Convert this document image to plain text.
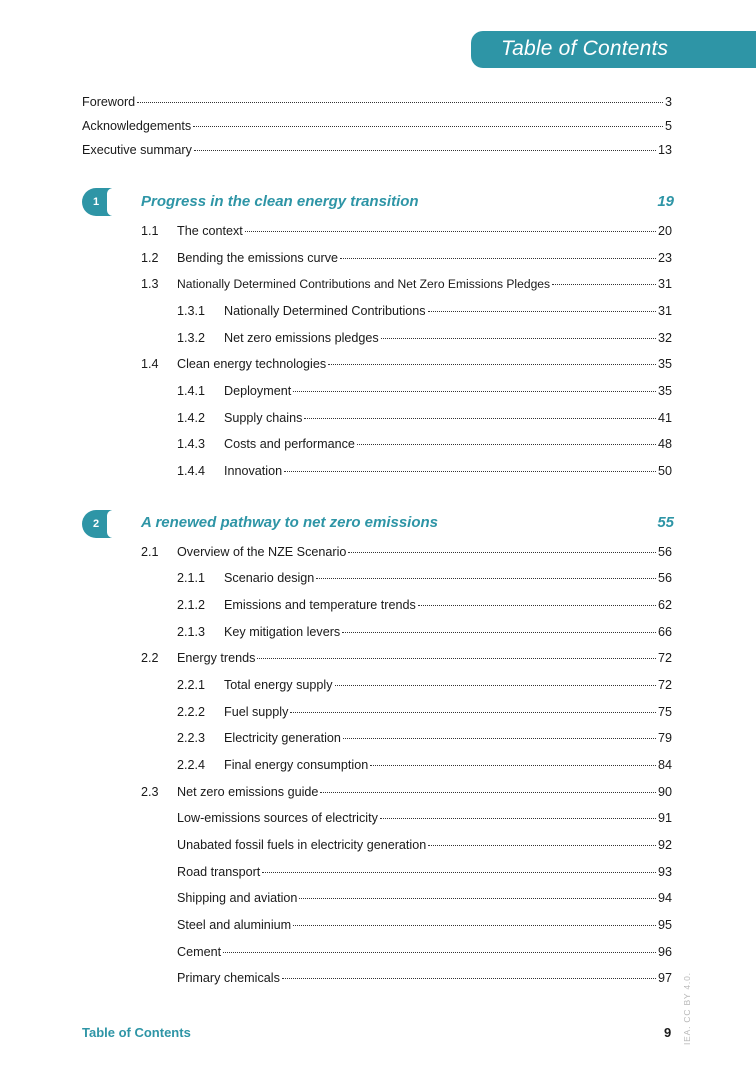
Table of Contents
Foreword	3
Acknowledgements	5
Executive summary	13
1	Progress in the clean energy transition	19
1.1	The context	20
1.2	Bending the emissions curve	23
1.3	Nationally Determined Contributions and Net Zero Emissions Pledges	31
1.3.1	Nationally Determined Contributions	31
1.3.2	Net zero emissions pledges	32
1.4	Clean energy technologies	35
1.4.1	Deployment	35
1.4.2	Supply chains	41
1.4.3	Costs and performance	48
1.4.4	Innovation	50
2	A renewed pathway to net zero emissions	55
2.1	Overview of the NZE Scenario	56
2.1.1	Scenario design	56
2.1.2	Emissions and temperature trends	62
2.1.3	Key mitigation levers	66
2.2	Energy trends	72
2.2.1	Total energy supply	72
2.2.2	Fuel supply	75
2.2.3	Electricity generation	79
2.2.4	Final energy consumption	84
2.3	Net zero emissions guide	90
Low-emissions sources of electricity	91
Unabated fossil fuels in electricity generation	92
Road transport	93
Shipping and aviation	94
Steel and aluminium	95
Cement	96
Primary chemicals	97
Table of Contents	9 IEA. CC BY 4.0.
